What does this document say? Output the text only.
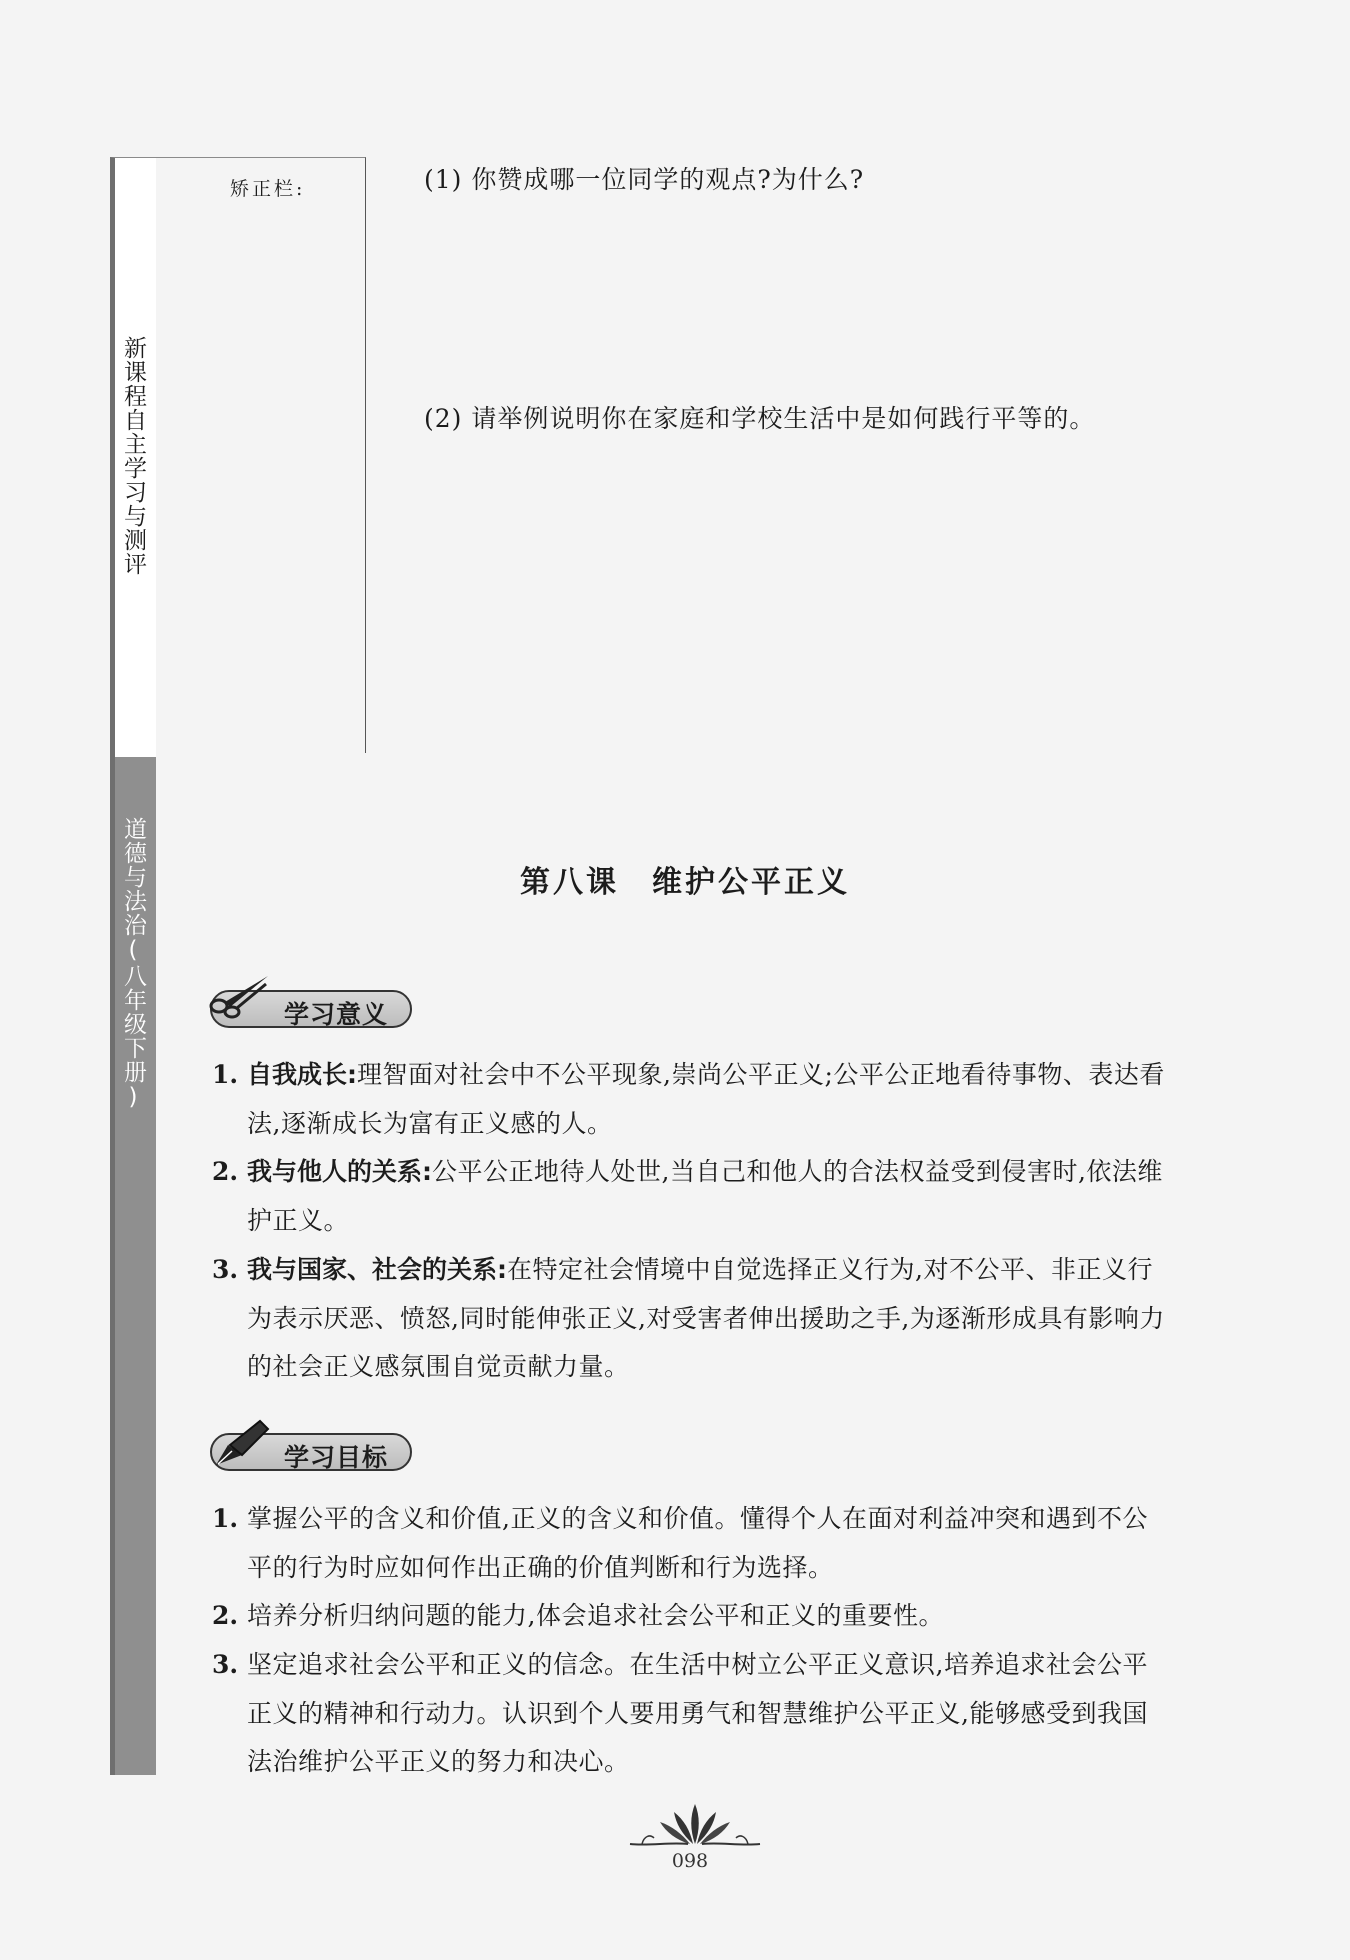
新课程自主学习与测评
道德与法治(八年级下册)
矫正栏:	(1) 你赞成哪一位同学的观点?为什么?
(2) 请举例说明你在家庭和学校生活中是如何践行平等的。
第八课　维护公平正义
学习意义
1. 自我成长:理智面对社会中不公平现象,崇尚公平正义;公平公正地看待事物、表达看法,逐渐成长为富有正义感的人。
2. 我与他人的关系:公平公正地待人处世,当自己和他人的合法权益受到侵害时,依法维护正义。
3. 我与国家、社会的关系:在特定社会情境中自觉选择正义行为,对不公平、非正义行为表示厌恶、愤怒,同时能伸张正义,对受害者伸出援助之手,为逐渐形成具有影响力的社会正义感氛围自觉贡献力量。
学习目标
1. 掌握公平的含义和价值,正义的含义和价值。懂得个人在面对利益冲突和遇到不公平的行为时应如何作出正确的价值判断和行为选择。
2. 培养分析归纳问题的能力,体会追求社会公平和正义的重要性。
3. 坚定追求社会公平和正义的信念。在生活中树立公平正义意识,培养追求社会公平正义的精神和行动力。认识到个人要用勇气和智慧维护公平正义,能够感受到我国法治维护公平正义的努力和决心。
098
